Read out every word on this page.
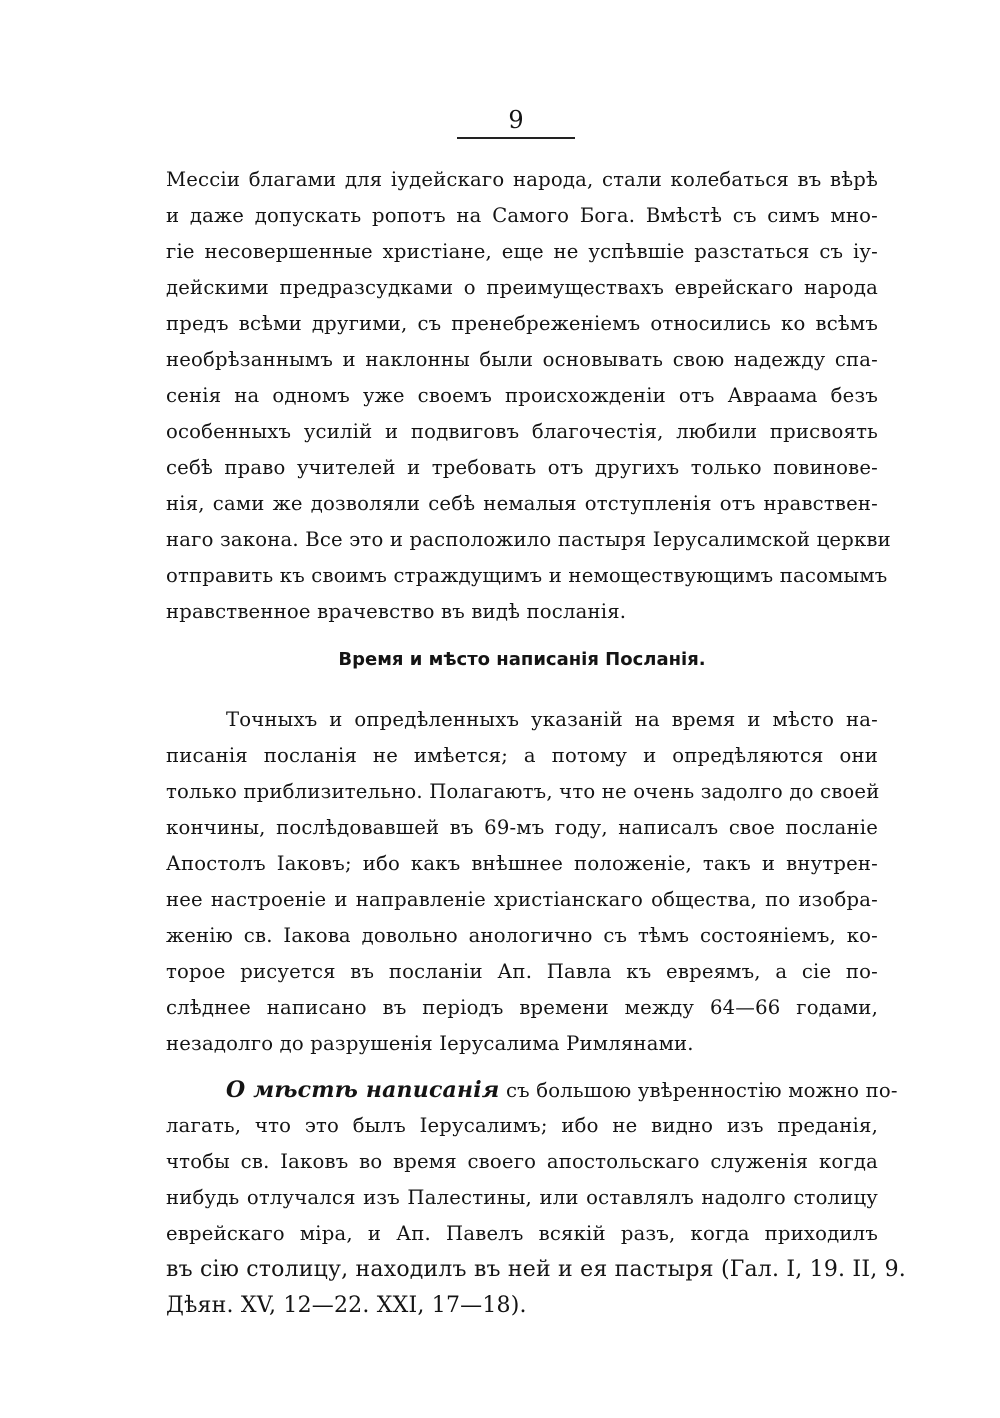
9
Мессіи благами для іудейскаго народа, стали колебаться въ вѣрѣ
и даже допускать ропотъ на Самого Бога. Вмѣстѣ съ симъ мно-
гіе несовершенные христіане, еще не успѣвшіе разстаться съ іу-
дейскими предразсудками о преимуществахъ еврейскаго народа
предъ всѣми другими, съ пренебреженіемъ относились ко всѣмъ
необрѣзаннымъ и наклонны были основывать свою надежду спа-
сенія на одномъ уже своемъ происхожденіи отъ Авраама безъ
особенныхъ усилій и подвиговъ благочестія, любили присвоять
себѣ право учителей и требовать отъ другихъ только повинове-
нія, сами же дозволяли себѣ немалыя отступленія отъ нравствен-
наго закона. Все это и расположило пастыря Іерусалимской церкви
отправить къ своимъ страждущимъ и немоществующимъ пасомымъ
нравственное врачевство въ видѣ посланія.
Время и мѣсто написанія Посланія.
Точныхъ и опредѣленныхъ указаній на время и мѣсто на-
писанія посланія не имѣется; а потому и опредѣляются они
только приблизительно. Полагаютъ, что не очень задолго до своей
кончины, послѣдовавшей въ 69-мъ году, написалъ свое посланіе
Апостолъ Іаковъ; ибо какъ внѣшнее положеніе, такъ и внутрен-
нее настроеніе и направленіе христіанскаго общества, по изобра-
женію св. Іакова довольно анологично съ тѣмъ состояніемъ, ко-
торое рисуется въ посланіи Ап. Павла къ евреямъ, а сіе по-
слѣднее написано въ періодъ времени между 64—66 годами,
незадолго до разрушенія Іерусалима Римлянами.
О мѣстѣ написанія съ большою увѣренностію можно по-
лагать, что это былъ Іерусалимъ; ибо не видно изъ преданія,
чтобы св. Іаковъ во время своего апостольскаго служенія когда
нибудь отлучался изъ Палестины, или оставлялъ надолго столицу
еврейскаго міра, и Ап. Павелъ всякій разъ, когда приходилъ
въ сію столицу, находилъ въ ней и ея пастыря (Гал. I, 19. II, 9.
Дѣян. XV, 12—22. XXI, 17—18).
